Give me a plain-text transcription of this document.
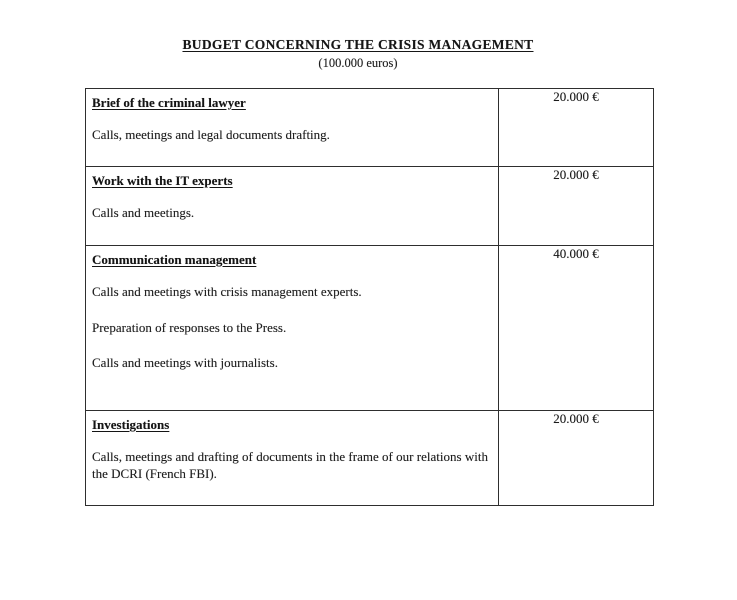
BUDGET CONCERNING THE CRISIS MANAGEMENT
(100.000 euros)

Brief of the criminal lawyer

Calls, meetings and legal documents drafting.	20.000 €

Work with the IT experts

Calls and meetings.	20.000 €

Communication management

Calls and meetings with crisis management experts.

Preparation of responses to the Press.

Calls and meetings with journalists.	40.000 €

Investigations

Calls, meetings and drafting of documents in the frame of our relations with the DCRI (French FBI).	20.000 €
